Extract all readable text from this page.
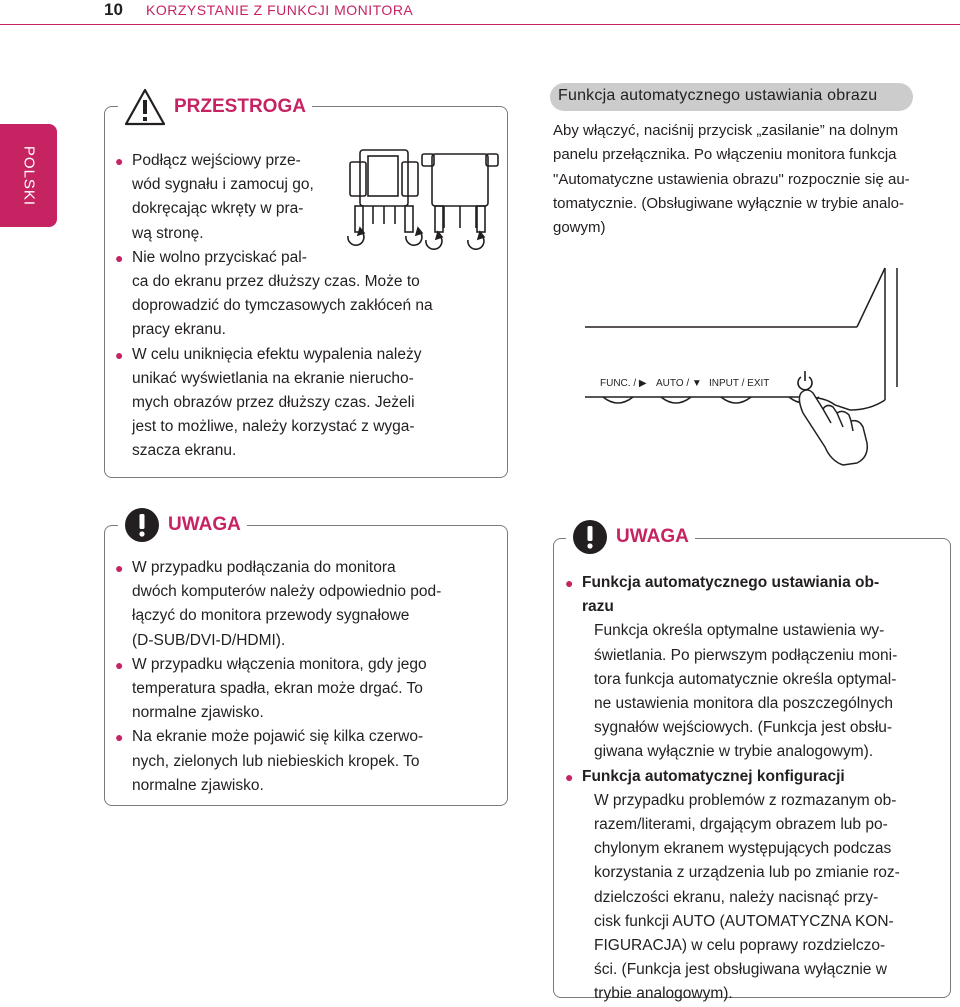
10 KORZYSTANIE Z FUNKCJI MONITORA
POLSKI
PRZESTROGA
● Podłącz wejściowy prze-
wód sygnału i zamocuj go,
dokręcając wkręty w pra-
wą stronę.
● Nie wolno przyciskać pal-
ca do ekranu przez dłuższy czas. Może to
doprowadzić do tymczasowych zakłóceń na
pracy ekranu.
● W celu uniknięcia efektu wypalenia należy
unikać wyświetlania na ekranie nierucho-
mych obrazów przez dłuższy czas. Jeżeli
jest to możliwe, należy korzystać z wyga-
szacza ekranu.
Funkcja automatycznego ustawiania obrazu
Aby włączyć, naciśnij przycisk „zasilanie” na dolnym
panelu przełącznika. Po włączeniu monitora funkcja
"Automatyczne ustawienia obrazu" rozpocznie się au-
tomatycznie. (Obsługiwane wyłącznie w trybie analo-
gowym)
FUNC. / ▶ AUTO / ▼ INPUT / EXIT
UWAGA
● W przypadku podłączania do monitora
dwóch komputerów należy odpowiednio pod-
łączyć do monitora przewody sygnałowe
(D-SUB/DVI-D/HDMI).
● W przypadku włączenia monitora, gdy jego
temperatura spadła, ekran może drgać. To
normalne zjawisko.
● Na ekranie może pojawić się kilka czerwo-
nych, zielonych lub niebieskich kropek. To
normalne zjawisko.
UWAGA
● Funkcja automatycznego ustawiania ob-
razu
Funkcja określa optymalne ustawienia wy-
świetlania. Po pierwszym podłączeniu moni-
tora funkcja automatycznie określa optymal-
ne ustawienia monitora dla poszczególnych
sygnałów wejściowych. (Funkcja jest obsłu-
giwana wyłącznie w trybie analogowym).
● Funkcja automatycznej konfiguracji
W przypadku problemów z rozmazanym ob-
razem/literami, drgającym obrazem lub po-
chylonym ekranem występujących podczas
korzystania z urządzenia lub po zmianie roz-
dzielczości ekranu, należy nacisnąć przy-
cisk funkcji AUTO (AUTOMATYCZNA KON-
FIGURACJA) w celu poprawy rozdzielczo-
ści. (Funkcja jest obsługiwana wyłącznie w
trybie analogowym).
